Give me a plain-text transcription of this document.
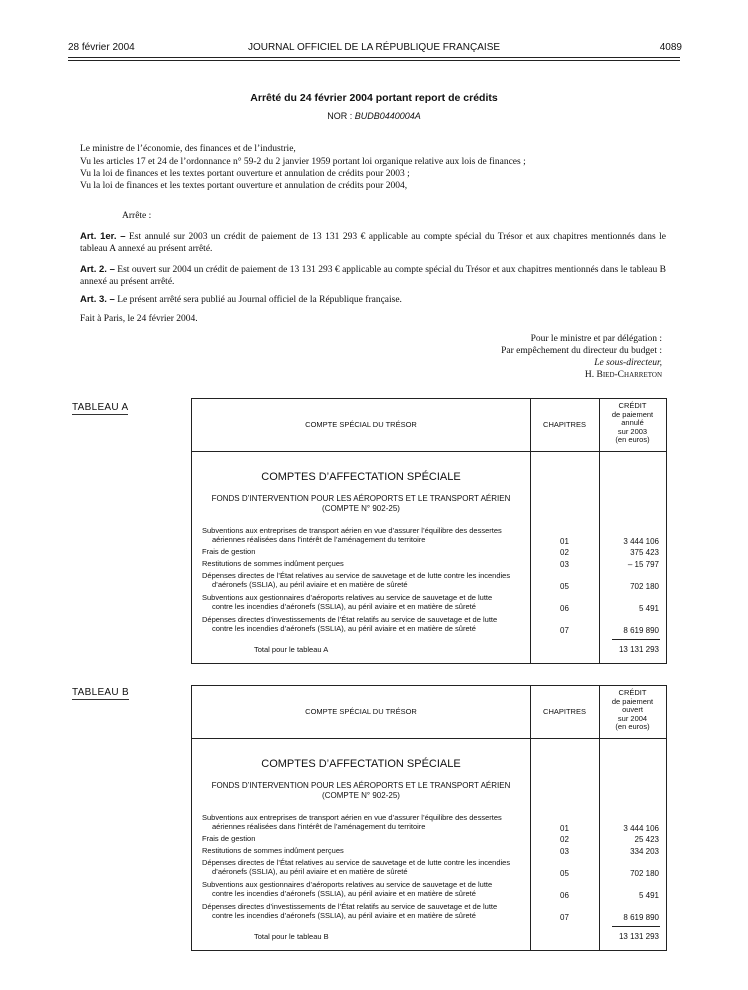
28 février 2004	JOURNAL OFFICIEL DE LA RÉPUBLIQUE FRANÇAISE	4089
Arrêté du 24 février 2004 portant report de crédits
NOR : BUDB0440004A
Le ministre de l’économie, des finances et de l’industrie,
Vu les articles 17 et 24 de l’ordonnance n° 59-2 du 2 janvier 1959 portant loi organique relative aux lois de finances ;
Vu la loi de finances et les textes portant ouverture et annulation de crédits pour 2003 ;
Vu la loi de finances et les textes portant ouverture et annulation de crédits pour 2004,
Arrête :
Art. 1er. – Est annulé sur 2003 un crédit de paiement de 13 131 293 € applicable au compte spécial du Trésor et aux chapitres mentionnés dans le tableau A annexé au présent arrêté.
Art. 2. – Est ouvert sur 2004 un crédit de paiement de 13 131 293 € applicable au compte spécial du Trésor et aux chapitres mentionnés dans le tableau B annexé au présent arrêté.
Art. 3. – Le présent arrêté sera publié au Journal officiel de la République française.
Fait à Paris, le 24 février 2004.
Pour le ministre et par délégation :
Par empêchement du directeur du budget :
Le sous-directeur,
H. Bied-Charreton
TABLEAU A
COMPTE SPÉCIAL DU TRÉSOR	CHAPITRES
CRÉDIT
de paiement
annulé
sur 2003
(en euros)
COMPTES D’AFFECTATION SPÉCIALE
FONDS D’INTERVENTION POUR LES AÉROPORTS ET LE TRANSPORT AÉRIEN
(COMPTE N° 902-25)
Subventions aux entreprises de transport aérien en vue d’assurer l’équilibre des dessertes
aériennes réalisées dans l’intérêt de l’aménagement du territoire	01	3 444 106
Frais de gestion	02	375 423
Restitutions de sommes indûment perçues	03	– 15 797
Dépenses directes de l’État relatives au service de sauvetage et de lutte contre les incendies
d’aéronefs (SSLIA), au péril aviaire et en matière de sûreté	05	702 180
Subventions aux gestionnaires d’aéroports relatives au service de sauvetage et de lutte
contre les incendies d’aéronefs (SSLIA), au péril aviaire et en matière de sûreté	06	5 491
Dépenses directes d’investissements de l’État relatifs au service de sauvetage et de lutte
contre les incendies d’aéronefs (SSLIA), au péril aviaire et en matière de sûreté	07	8 619 890
Total pour le tableau A	13 131 293
TABLEAU B
COMPTE SPÉCIAL DU TRÉSOR	CHAPITRES
CRÉDIT
de paiement
ouvert
sur 2004
(en euros)
COMPTES D’AFFECTATION SPÉCIALE
FONDS D’INTERVENTION POUR LES AÉROPORTS ET LE TRANSPORT AÉRIEN
(COMPTE N° 902-25)
Subventions aux entreprises de transport aérien en vue d’assurer l’équilibre des dessertes
aériennes réalisées dans l’intérêt de l’aménagement du territoire	01	3 444 106
Frais de gestion	02	25 423
Restitutions de sommes indûment perçues	03	334 203
Dépenses directes de l’État relatives au service de sauvetage et de lutte contre les incendies
d’aéronefs (SSLIA), au péril aviaire et en matière de sûreté	05	702 180
Subventions aux gestionnaires d’aéroports relatives au service de sauvetage et de lutte
contre les incendies d’aéronefs (SSLIA), au péril aviaire et en matière de sûreté	06	5 491
Dépenses directes d’investissements de l’État relatifs au service de sauvetage et de lutte
contre les incendies d’aéronefs (SSLIA), au péril aviaire et en matière de sûreté	07	8 619 890
Total pour le tableau B	13 131 293
